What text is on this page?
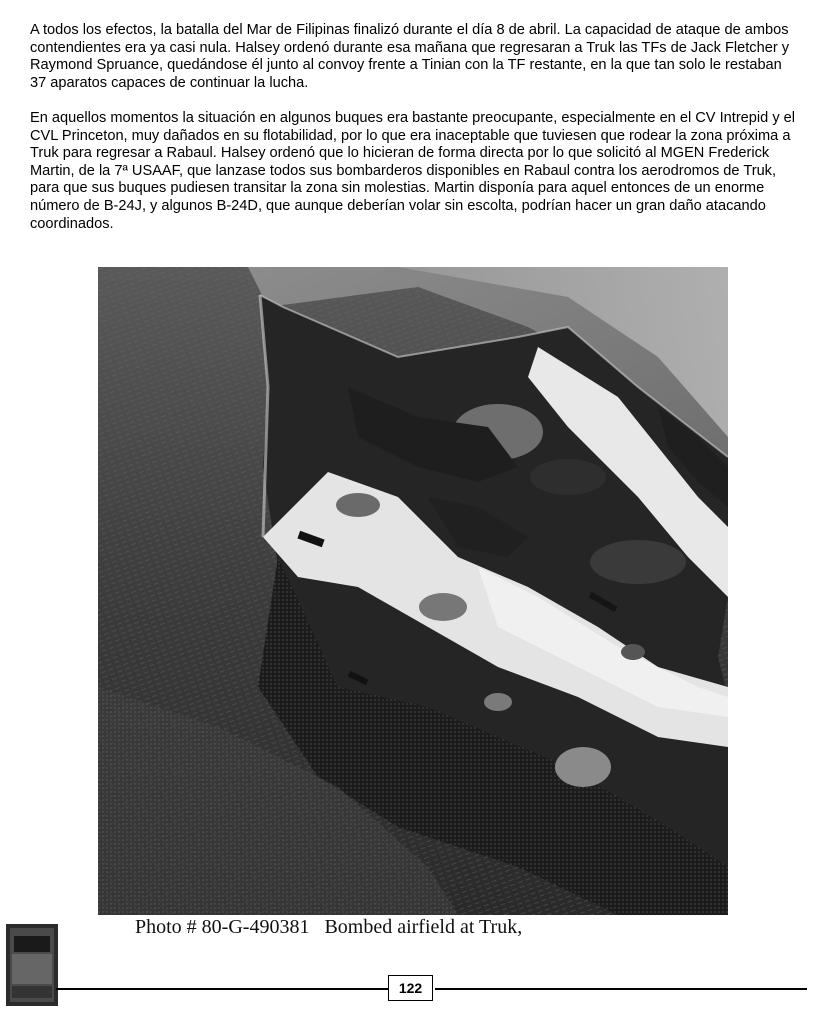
A todos los efectos, la batalla del Mar de Filipinas finalizó durante el día 8 de abril. La capacidad de ataque de ambos contendientes era ya casi nula. Halsey ordenó durante esa mañana que regresaran a Truk las TFs de Jack Fletcher y Raymond Spruance, quedándose él junto al convoy frente a Tinian con la TF restante, en la que tan solo le restaban 37 aparatos capaces de continuar la lucha.

En aquellos momentos la situación en algunos buques era bastante preocupante, especialmente en el CV Intrepid y el CVL Princeton, muy dañados en su flotabilidad, por lo que era inaceptable que tuviesen que rodear la zona próxima a Truk para regresar a Rabaul. Halsey ordenó que lo hicieran de forma directa por lo que solicitó al MGEN Frederick Martin, de la 7ª USAAF, que lanzase todos sus bombarderos disponibles en Rabaul contra los aerodromos de Truk, para que sus buques pudiesen transitar la zona sin molestias. Martin disponía para aquel entonces de un enorme número de B-24J, y algunos B-24D, que aunque deberían volar sin escolta, podrían hacer un gran daño atacando coordinados.

Photo # 80-G-490381   Bombed airfield at Truk,
122
